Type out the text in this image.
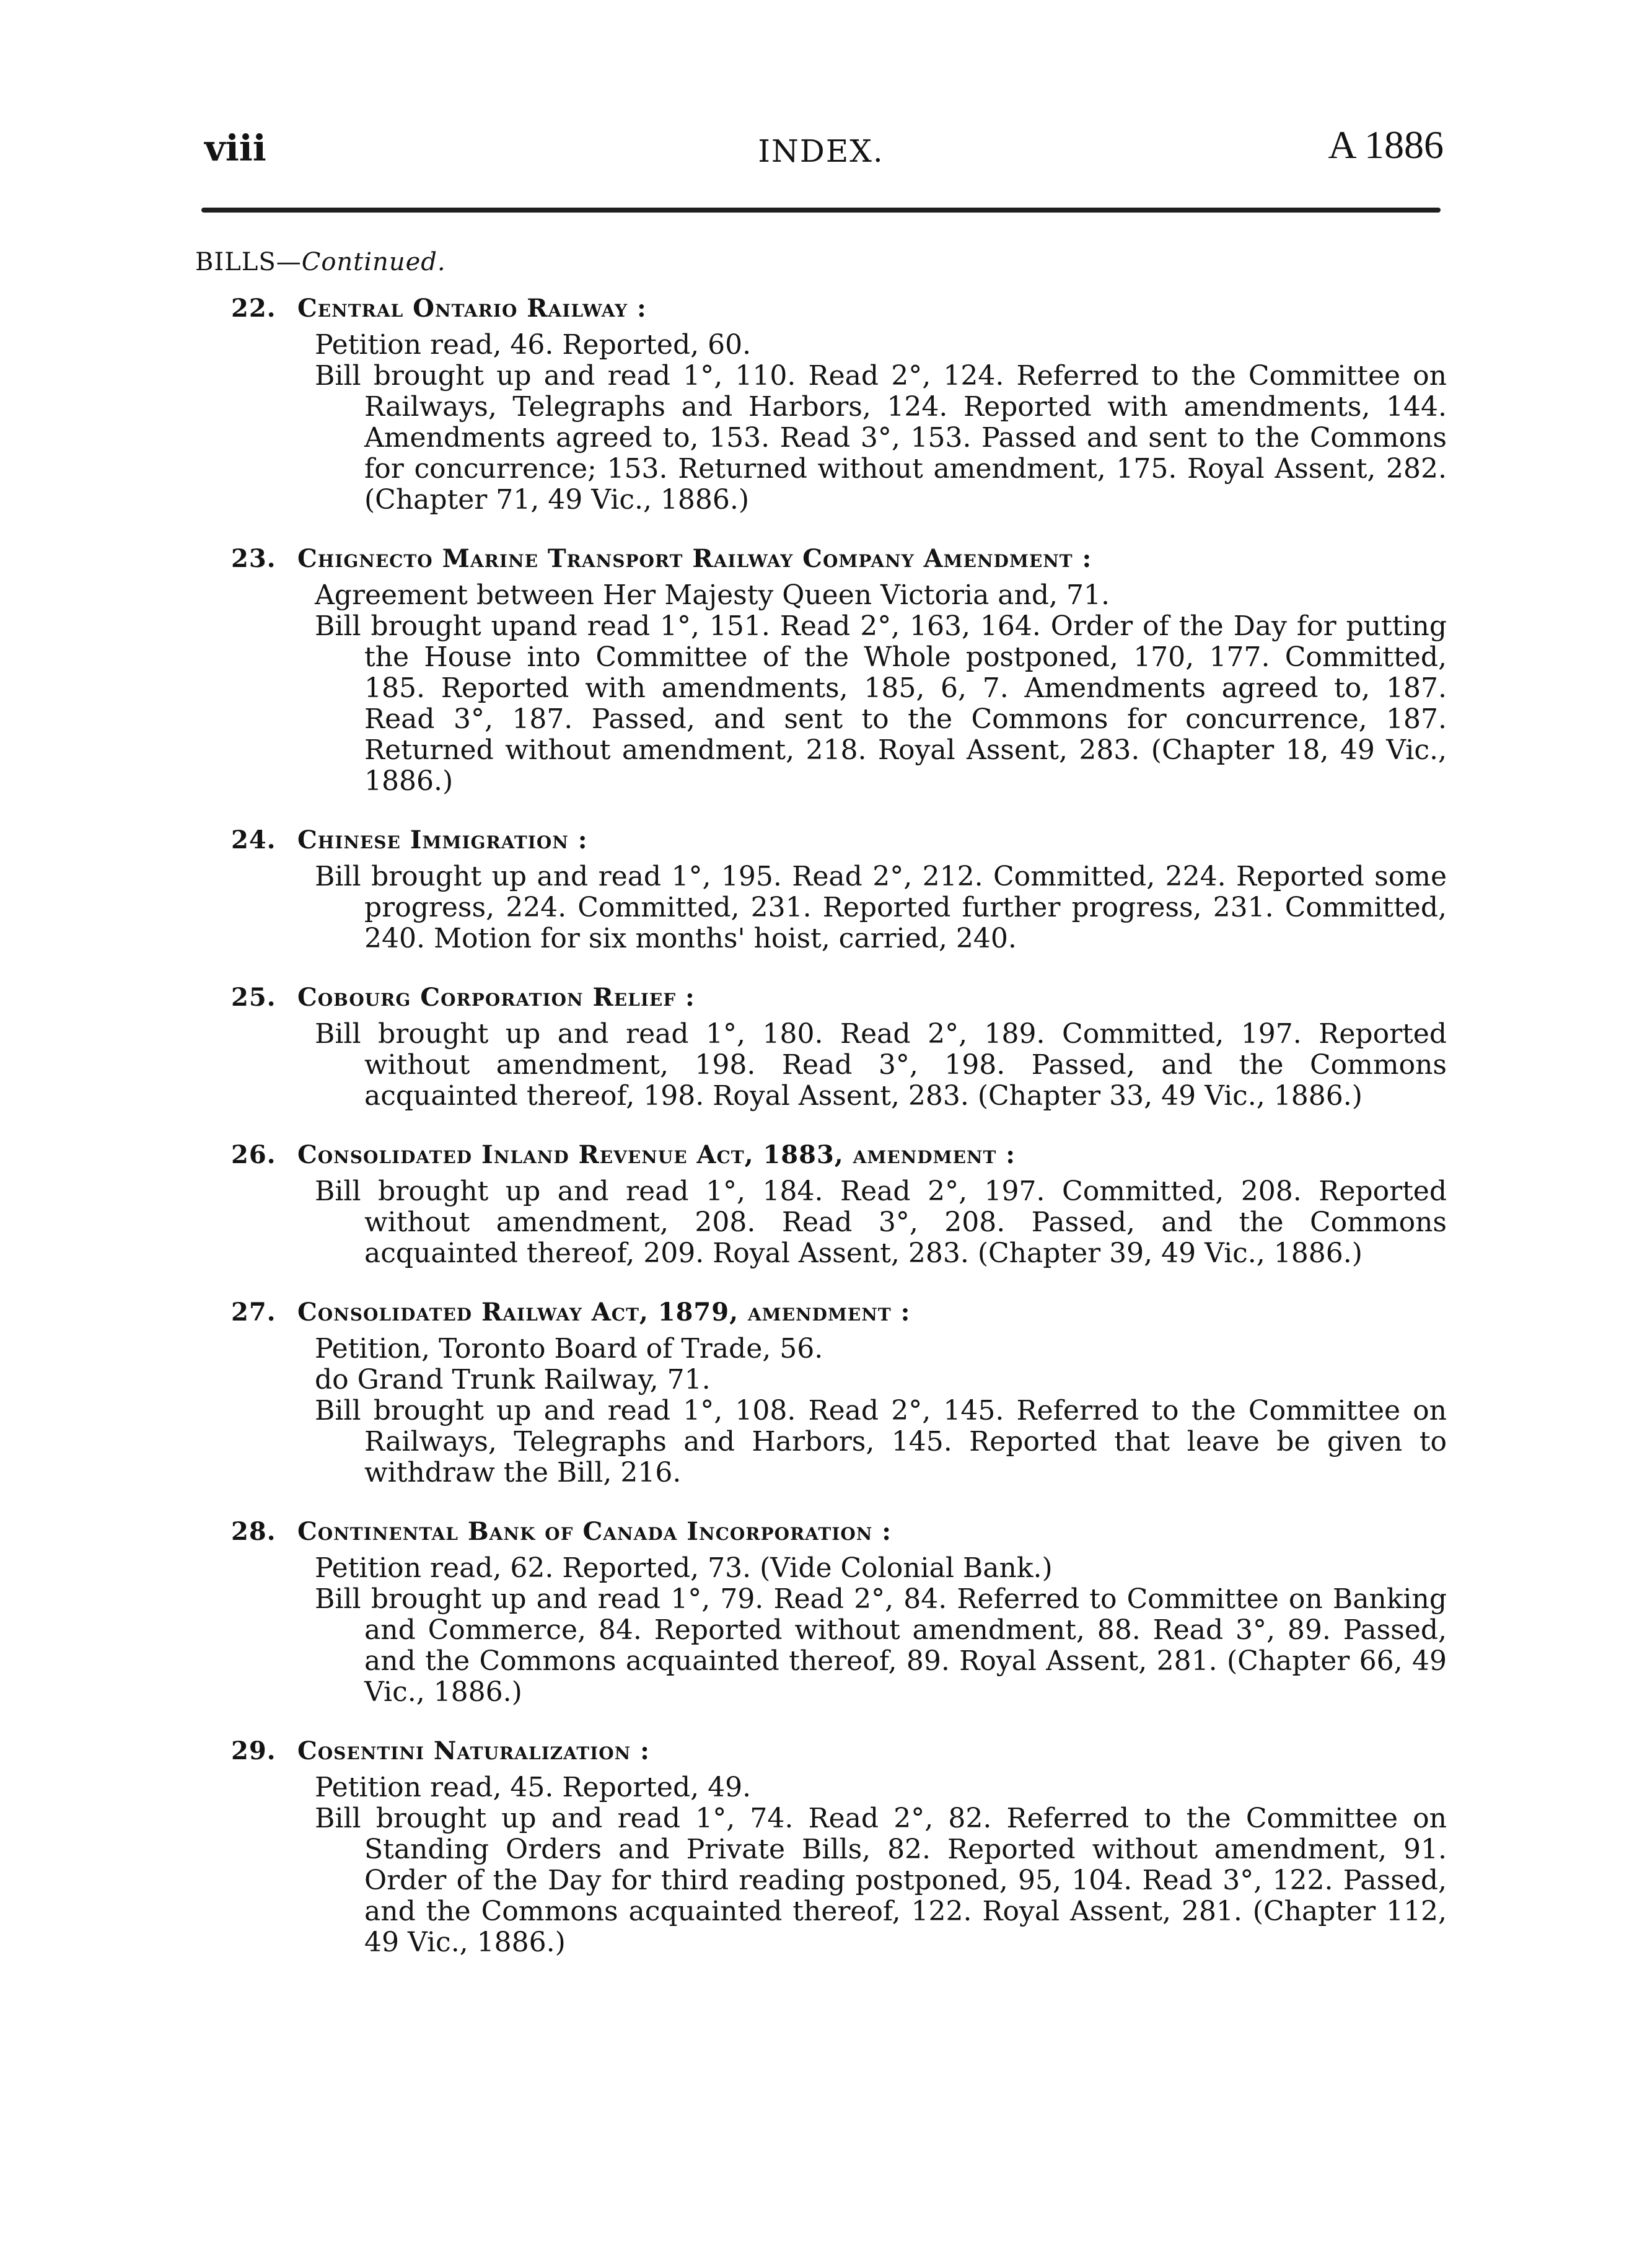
viii	INDEX.	A 1886
BILLS—Continued.
22. Central Ontario Railway :
Petition read, 46. Reported, 60.
Bill brought up and read 1°, 110. Read 2°, 124. Referred to the Committee on Railways, Telegraphs and Harbors, 124. Reported with amendments, 144. Amendments agreed to, 153. Read 3°, 153. Passed and sent to the Commons for concurrence; 153. Returned without amendment, 175. Royal Assent, 282. (Chapter 71, 49 Vic., 1886.)
23. Chignecto Marine Transport Railway Company Amendment :
Agreement between Her Majesty Queen Victoria and, 71.
Bill brought upand read 1°, 151. Read 2°, 163, 164. Order of the Day for putting the House into Committee of the Whole postponed, 170, 177. Committed, 185. Reported with amendments, 185, 6, 7. Amendments agreed to, 187. Read 3°, 187. Passed, and sent to the Commons for concurrence, 187. Returned without amendment, 218. Royal Assent, 283. (Chapter 18, 49 Vic., 1886.)
24. Chinese Immigration :
Bill brought up and read 1°, 195. Read 2°, 212. Committed, 224. Reported some progress, 224. Committed, 231. Reported further progress, 231. Committed, 240. Motion for six months' hoist, carried, 240.
25. Cobourg Corporation Relief :
Bill brought up and read 1°, 180. Read 2°, 189. Committed, 197. Reported without amendment, 198. Read 3°, 198. Passed, and the Commons acquainted thereof, 198. Royal Assent, 283. (Chapter 33, 49 Vic., 1886.)
26. Consolidated Inland Revenue Act, 1883, amendment :
Bill brought up and read 1°, 184. Read 2°, 197. Committed, 208. Reported without amendment, 208. Read 3°, 208. Passed, and the Commons acquainted thereof, 209. Royal Assent, 283. (Chapter 39, 49 Vic., 1886.)
27. Consolidated Railway Act, 1879, amendment :
Petition, Toronto Board of Trade, 56.
do Grand Trunk Railway, 71.
Bill brought up and read 1°, 108. Read 2°, 145. Referred to the Committee on Railways, Telegraphs and Harbors, 145. Reported that leave be given to withdraw the Bill, 216.
28. Continental Bank of Canada Incorporation :
Petition read, 62. Reported, 73. (Vide Colonial Bank.)
Bill brought up and read 1°, 79. Read 2°, 84. Referred to Committee on Banking and Commerce, 84. Reported without amendment, 88. Read 3°, 89. Passed, and the Commons acquainted thereof, 89. Royal Assent, 281. (Chapter 66, 49 Vic., 1886.)
29. Cosentini Naturalization :
Petition read, 45. Reported, 49.
Bill brought up and read 1°, 74. Read 2°, 82. Referred to the Committee on Standing Orders and Private Bills, 82. Reported without amendment, 91. Order of the Day for third reading postponed, 95, 104. Read 3°, 122. Passed, and the Commons acquainted thereof, 122. Royal Assent, 281. (Chapter 112, 49 Vic., 1886.)
